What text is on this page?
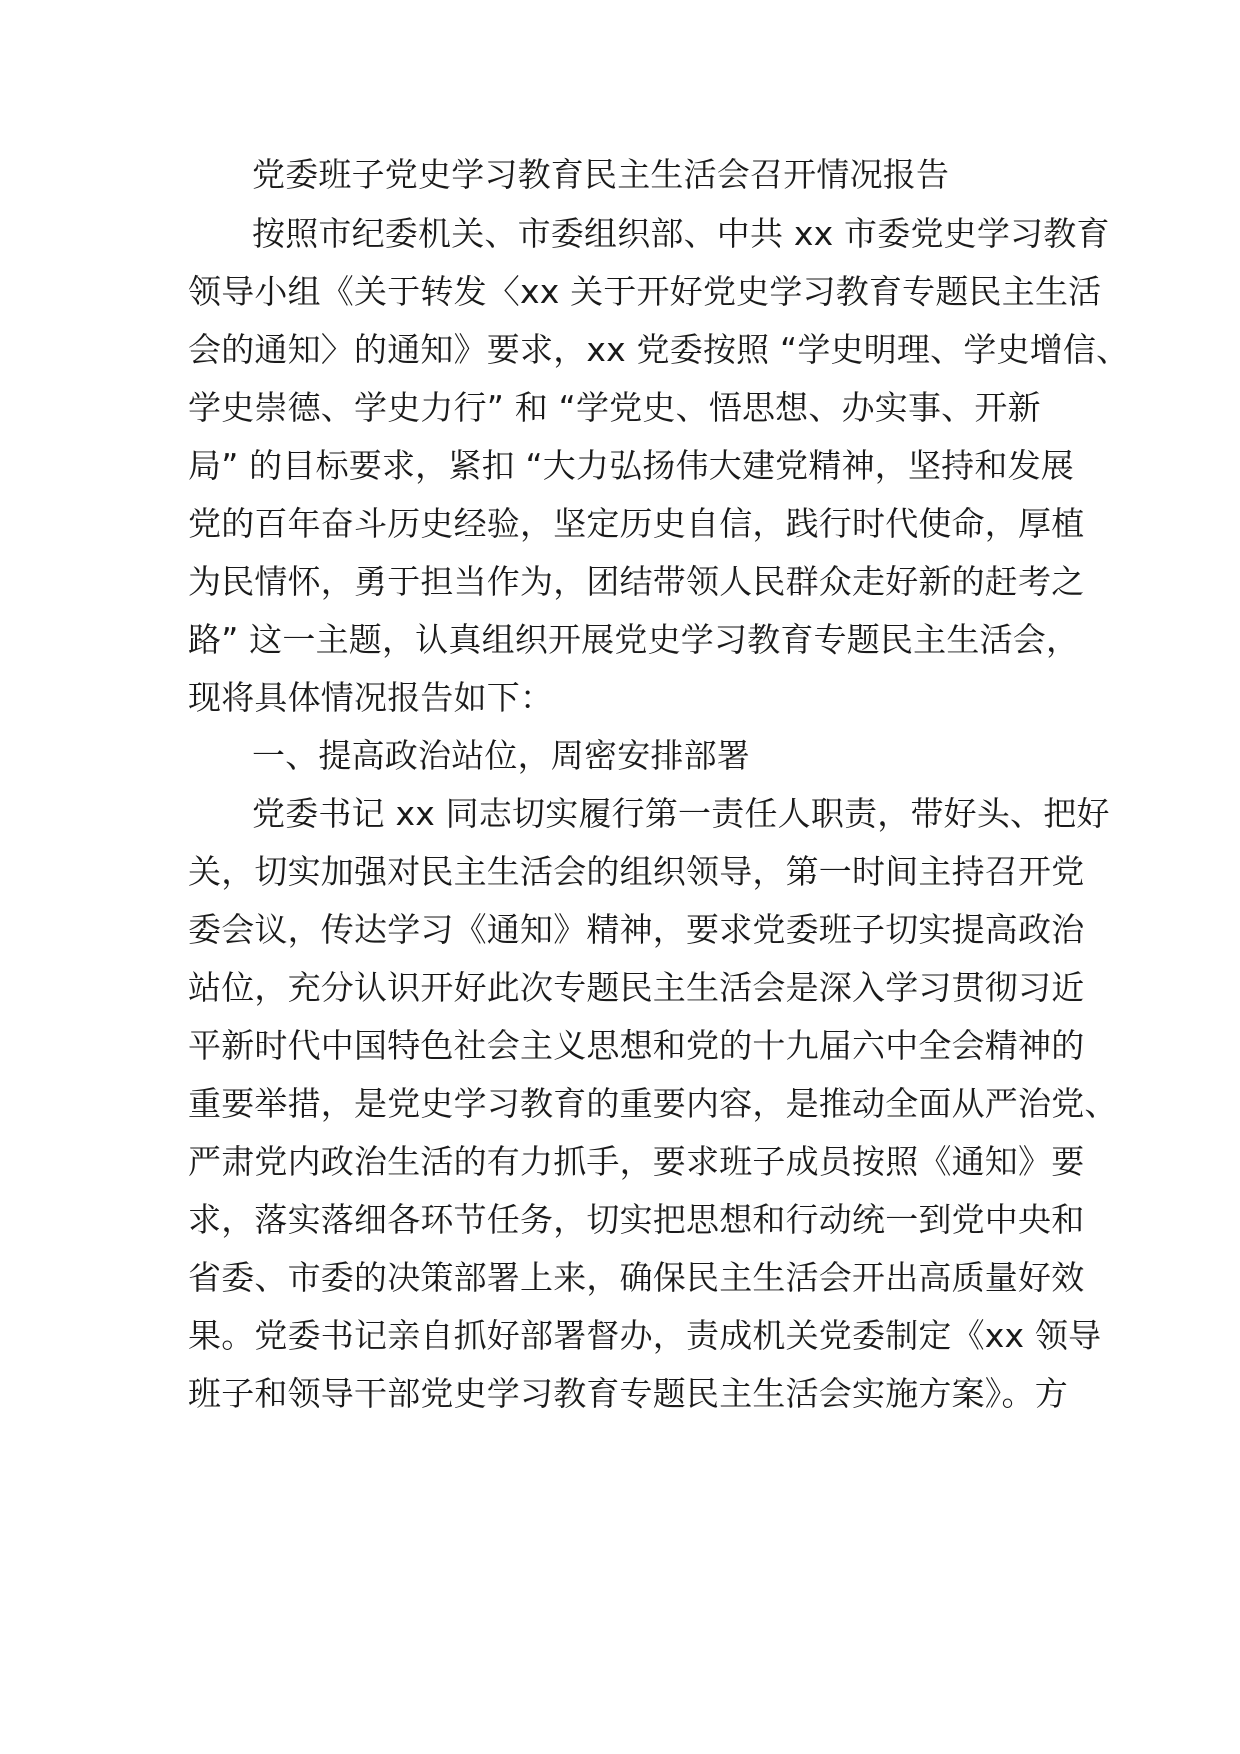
党委班子党史学习教育民主生活会召开情况报告
按照市纪委机关、市委组织部、中共 xx 市委党史学习教育
领导小组《关于转发〈xx 关于开好党史学习教育专题民主生活
会的通知〉的通知》要求，xx 党委按照 “学史明理、学史增信、
学史崇德、学史力行” 和 “学党史、悟思想、办实事、开新
局” 的目标要求，紧扣 “大力弘扬伟大建党精神，坚持和发展
党的百年奋斗历史经验，坚定历史自信，践行时代使命，厚植
为民情怀，勇于担当作为，团结带领人民群众走好新的赶考之
路” 这一主题，认真组织开展党史学习教育专题民主生活会，
现将具体情况报告如下：
一、提高政治站位，周密安排部署
党委书记 xx 同志切实履行第一责任人职责，带好头、把好
关，切实加强对民主生活会的组织领导，第一时间主持召开党
委会议，传达学习《通知》精神，要求党委班子切实提高政治
站位，充分认识开好此次专题民主生活会是深入学习贯彻习近
平新时代中国特色社会主义思想和党的十九届六中全会精神的
重要举措，是党史学习教育的重要内容，是推动全面从严治党、
严肃党内政治生活的有力抓手，要求班子成员按照《通知》要
求，落实落细各环节任务，切实把思想和行动统一到党中央和
省委、市委的决策部署上来，确保民主生活会开出高质量好效
果。党委书记亲自抓好部署督办，责成机关党委制定《xx 领导
班子和领导干部党史学习教育专题民主生活会实施方案》。方
